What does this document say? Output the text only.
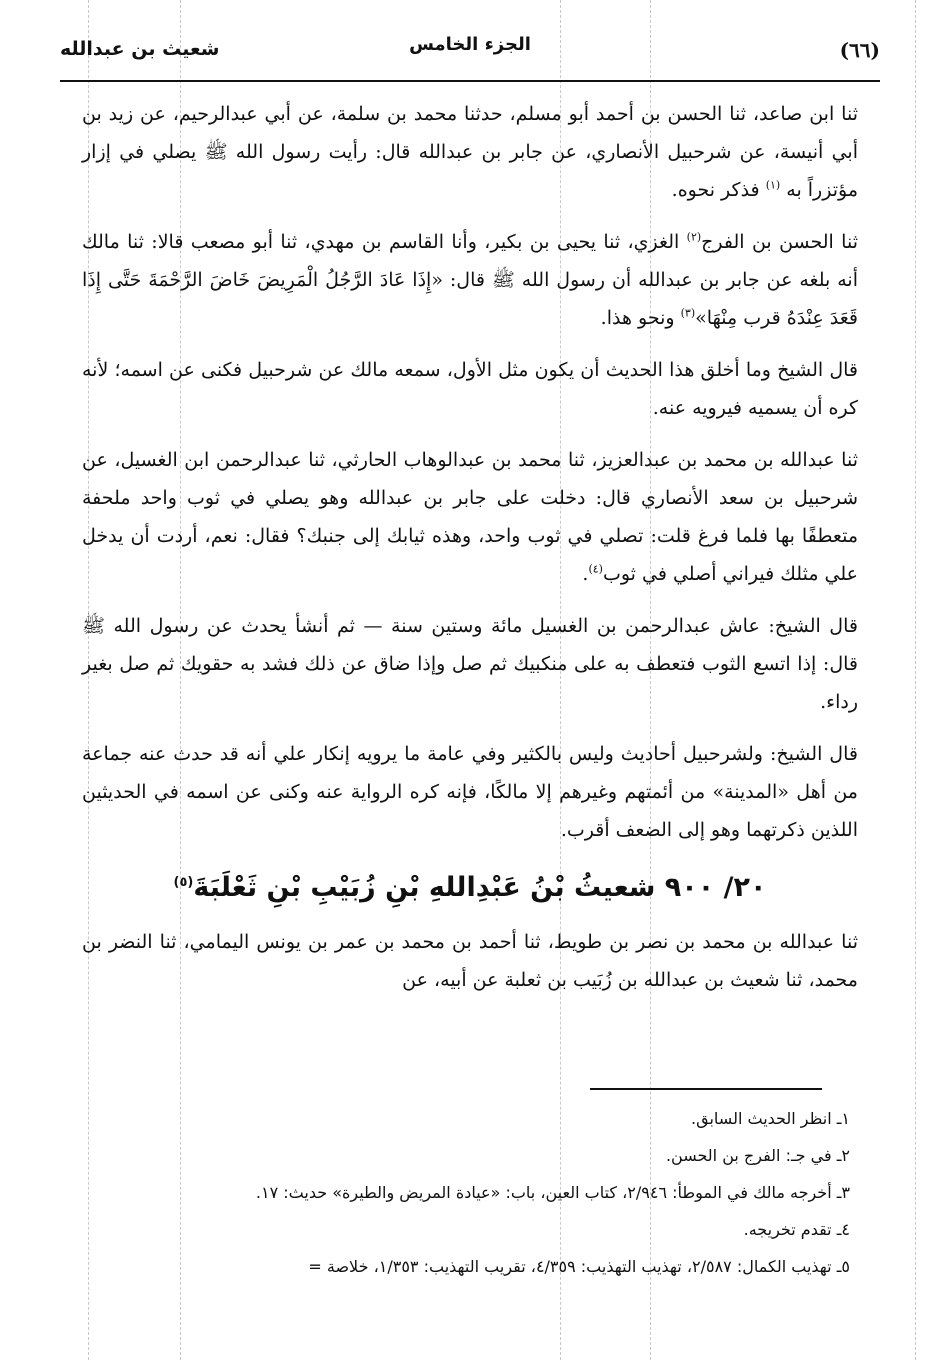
(٦٦)
الجزء الخامس
شعيث بن عبدالله

ثنا ابن صاعد، ثنا الحسن بن أحمد أبو مسلم، حدثنا محمد بن سلمة، عن أبي عبدالرحيم، عن زيد بن أبي أنيسة، عن شرحبيل الأنصاري، عن جابر بن عبدالله قال: رأيت رسول الله ﷺ يصلي في إزار مؤتزراً به $^{(١)}$ فذكر نحوه.

ثنا الحسن بن الفرج$^{(٢)}$ الغزي، ثنا يحيى بن بكير، وأنا القاسم بن مهدي، ثنا أبو مصعب قالا: ثنا مالك أنه بلغه عن جابر بن عبدالله أن رسول الله ﷺ قال: «إِذَا عَادَ الرَّجُلُ الْمَرِيضَ خَاضَ الرَّحْمَةَ حَتَّى إِذَا قَعَدَ عِنْدَهُ قرب مِنْهَا»$^{(٣)}$ ونحو هذا.

قال الشيخ وما أخلق هذا الحديث أن يكون مثل الأول، سمعه مالك عن شرحبيل فكنى عن اسمه؛ لأنه كره أن يسميه فيرويه عنه.

ثنا عبدالله بن محمد بن عبدالعزيز، ثنا محمد بن عبدالوهاب الحارثي، ثنا عبدالرحمن ابن الغسيل، عن شرحبيل بن سعد الأنصاري قال: دخلت على جابر بن عبدالله وهو يصلي في ثوب واحد ملحفة متعطفًا بها فلما فرغ قلت: تصلي في ثوب واحد، وهذه ثيابك إلى جنبك؟ فقال: نعم، أردت أن يدخل علي مثلك فيراني أصلي في ثوب$^{(٤)}$.

قال الشيخ: عاش عبدالرحمن بن الغسيل مائة وستين سنة — ثم أنشأ يحدث عن رسول الله ﷺ قال: إذا اتسع الثوب فتعطف به على منكبيك ثم صل وإذا ضاق عن ذلك فشد به حقويك ثم صل بغير رداء.

قال الشيخ: ولشرحبيل أحاديث وليس بالكثير وفي عامة ما يرويه إنكار علي أنه قد حدث عنه جماعة من أهل «المدينة» من أئمتهم وغيرهم إلا مالكًا، فإنه كره الرواية عنه وكنى عن اسمه في الحديثين اللذين ذكرتهما وهو إلى الضعف أقرب.

٢٠/ ٩٠٠ شعيثُ بْنُ عَبْدِاللهِ بْنِ زُبَيْبِ بْنِ ثَعْلَبَةَ$^{(٥)}$

ثنا عبدالله بن محمد بن نصر بن طويط، ثنا أحمد بن محمد بن عمر بن يونس اليمامي، ثنا النضر بن محمد، ثنا شعيث بن عبدالله بن زُبَيب بن ثعلبة عن أبيه، عن

١ـ انظر الحديث السابق.
٢ـ في جـ: الفرج بن الحسن.
٣ـ أخرجه مالك في الموطأ: ٢/٩٤٦، كتاب العين، باب: «عيادة المريض والطيرة» حديث: ١٧.
٤ـ تقدم تخريجه.
٥ـ تهذيب الكمال: ٢/٥٨٧، تهذيب التهذيب: ٤/٣٥٩، تقريب التهذيب: ١/٣٥٣، خلاصة =
